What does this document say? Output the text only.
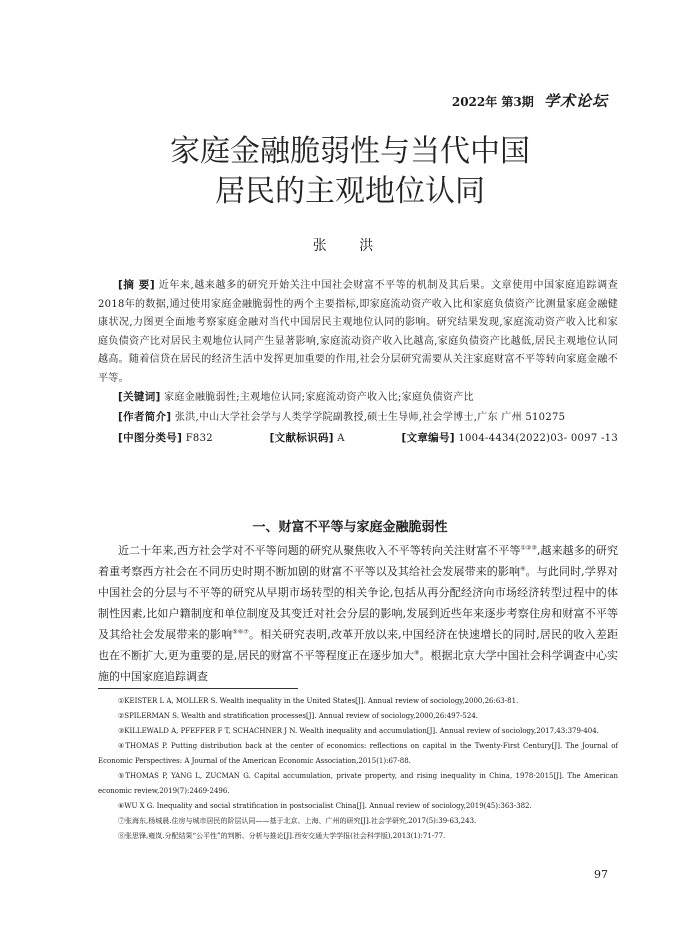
2022年 第3期 学术论坛
家庭金融脆弱性与当代中国
居民的主观地位认同
张 洪
[摘 要] 近年来,越来越多的研究开始关注中国社会财富不平等的机制及其后果。文章使用中国家庭追踪调查2018年的数据,通过使用家庭金融脆弱性的两个主要指标,即家庭流动资产收入比和家庭负债资产比测量家庭金融健康状况,力图更全面地考察家庭金融对当代中国居民主观地位认同的影响。研究结果发现,家庭流动资产收入比和家庭负债资产比对居民主观地位认同产生显著影响,家庭流动资产收入比越高,家庭负债资产比越低,居民主观地位认同越高。随着信贷在居民的经济生活中发挥更加重要的作用,社会分层研究需要从关注家庭财富不平等转向家庭金融不平等。
[关键词] 家庭金融脆弱性;主观地位认同;家庭流动资产收入比;家庭负债资产比
[作者简介] 张洪,中山大学社会学与人类学学院副教授,硕士生导师,社会学博士,广东 广州 510275
[中图分类号] F832	[文献标识码] A	[文章编号] 1004-4434(2022)03- 0097 -13
一、财富不平等与家庭金融脆弱性

近二十年来,西方社会学对不平等问题的研究从聚焦收入不平等转向关注财富不平等①②③,越来越多的研究着重考察西方社会在不同历史时期不断加剧的财富不平等以及其给社会发展带来的影响④。与此同时,学界对中国社会的分层与不平等的研究从早期市场转型的相关争论,包括从再分配经济向市场经济转型过程中的体制性因素,比如户籍制度和单位制度及其变迁对社会分层的影响,发展到近些年来逐步考察住房和财富不平等及其给社会发展带来的影响⑤⑥⑦。相关研究表明,改革开放以来,中国经济在快速增长的同时,居民的收入差距也在不断扩大,更为重要的是,居民的财富不平等程度正在逐步加大⑧。根据北京大学中国社会科学调查中心实施的中国家庭追踪调查

①KEISTER L A, MOLLER S. Wealth inequality in the United States[J]. Annual review of sociology,2000,26:63-81.
②SPILERMAN S. Wealth and stratification processes[J]. Annual review of sociology,2000,26:497-524.
③KILLEWALD A, PFEFFER F T, SCHACHNER J N. Wealth inequality and accumulation[J]. Annual review of sociology,2017,43:379-404.
④THOMAS P. Putting distribution back at the center of economics: reflections on capital in the Twenty-First Century[J]. The Journal of Economic Perspectives: A Journal of the American Economic Association,2015(1):67-88.
⑤THOMAS P, YANG L, ZUCMAN G. Capital accumulation, private property, and rising inequality in China, 1978-2015[J]. The American economic review,2019(7):2469-2496.
⑥WU X G. Inequality and social stratification in postsocialist China[J]. Annual review of sociology,2019(45):363-382.
⑦张海东,杨城晨.住房与城市居民的阶层认同——基于北京、上海、广州的研究[J].社会学研究,2017(5):39-63,243.
⑧张思锋,雍岚.分配结果“公平性”的判断、分析与推论[J].西安交通大学学报(社会科学版),2013(1):71-77.
97
